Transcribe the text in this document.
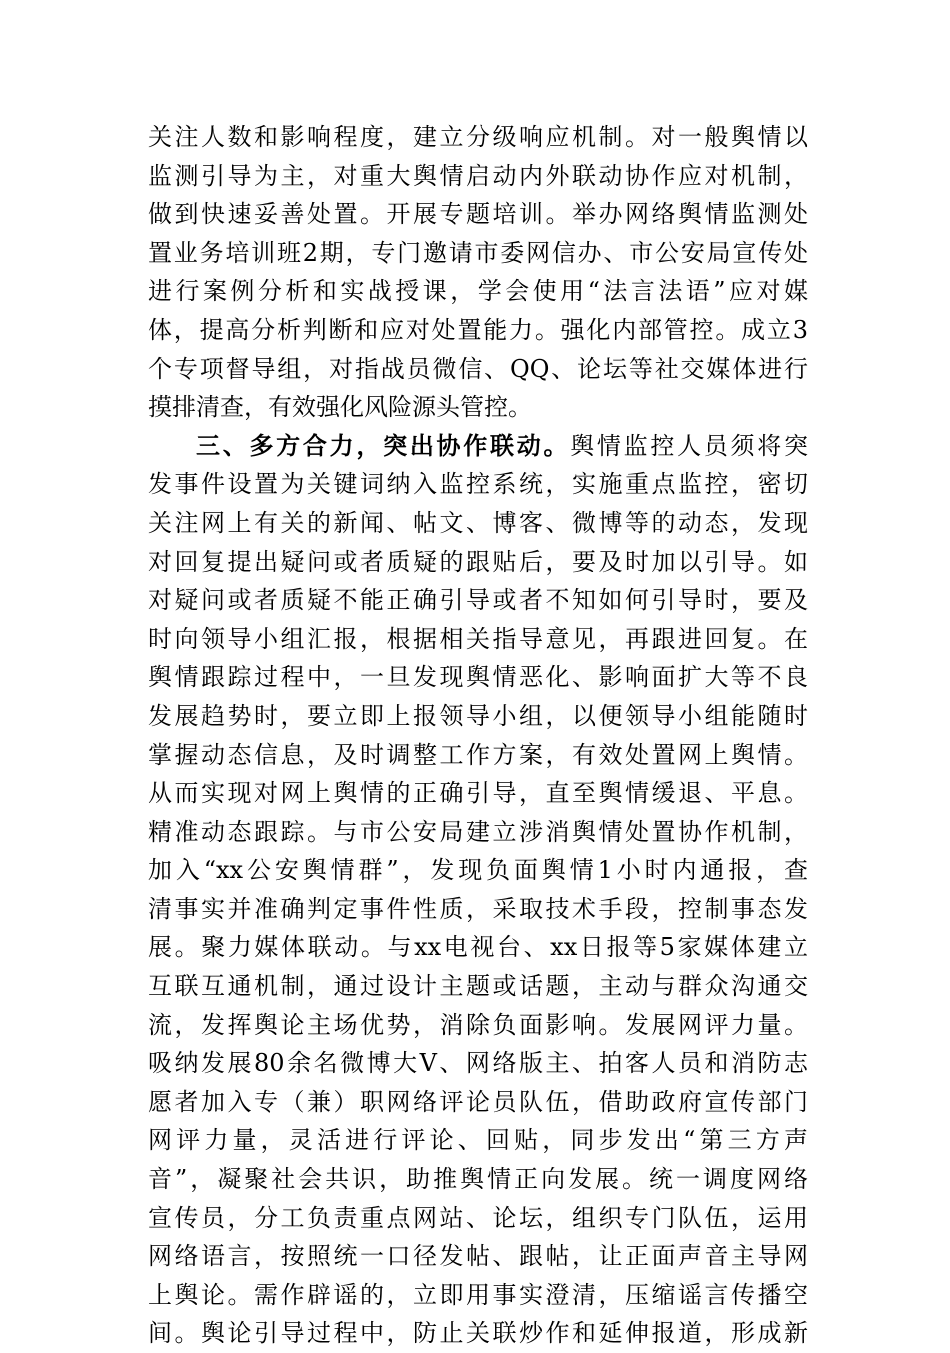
关注人数和影响程度，建立分级响应机制。对一般舆情以
监测引导为主，对重大舆情启动内外联动协作应对机制，
做到快速妥善处置。开展专题培训。举办网络舆情监测处
置业务培训班2期，专门邀请市委网信办、市公安局宣传处
进行案例分析和实战授课，学会使用“法言法语”应对媒
体，提高分析判断和应对处置能力。强化内部管控。成立3
个专项督导组，对指战员微信、QQ、论坛等社交媒体进行
摸排清查，有效强化风险源头管控。
三、多方合力，突出协作联动。舆情监控人员须将突
发事件设置为关键词纳入监控系统，实施重点监控，密切
关注网上有关的新闻、帖文、博客、微博等的动态，发现
对回复提出疑问或者质疑的跟贴后，要及时加以引导。如
对疑问或者质疑不能正确引导或者不知如何引导时，要及
时向领导小组汇报，根据相关指导意见，再跟进回复。在
舆情跟踪过程中，一旦发现舆情恶化、影响面扩大等不良
发展趋势时，要立即上报领导小组，以便领导小组能随时
掌握动态信息，及时调整工作方案，有效处置网上舆情。
从而实现对网上舆情的正确引导，直至舆情缓退、平息。
精准动态跟踪。与市公安局建立涉消舆情处置协作机制，
加入“xx公安舆情群”，发现负面舆情1小时内通报，查
清事实并准确判定事件性质，采取技术手段，控制事态发
展。聚力媒体联动。与xx电视台、xx日报等5家媒体建立
互联互通机制，通过设计主题或话题，主动与群众沟通交
流，发挥舆论主场优势，消除负面影响。发展网评力量。
吸纳发展80余名微博大V、网络版主、拍客人员和消防志
愿者加入专（兼）职网络评论员队伍，借助政府宣传部门
网评力量，灵活进行评论、回贴，同步发出“第三方声
音”，凝聚社会共识，助推舆情正向发展。统一调度网络
宣传员，分工负责重点网站、论坛，组织专门队伍，运用
网络语言，按照统一口径发帖、跟帖，让正面声音主导网
上舆论。需作辟谣的，立即用事实澄清，压缩谣言传播空
间。舆论引导过程中，防止关联炒作和延伸报道，形成新
